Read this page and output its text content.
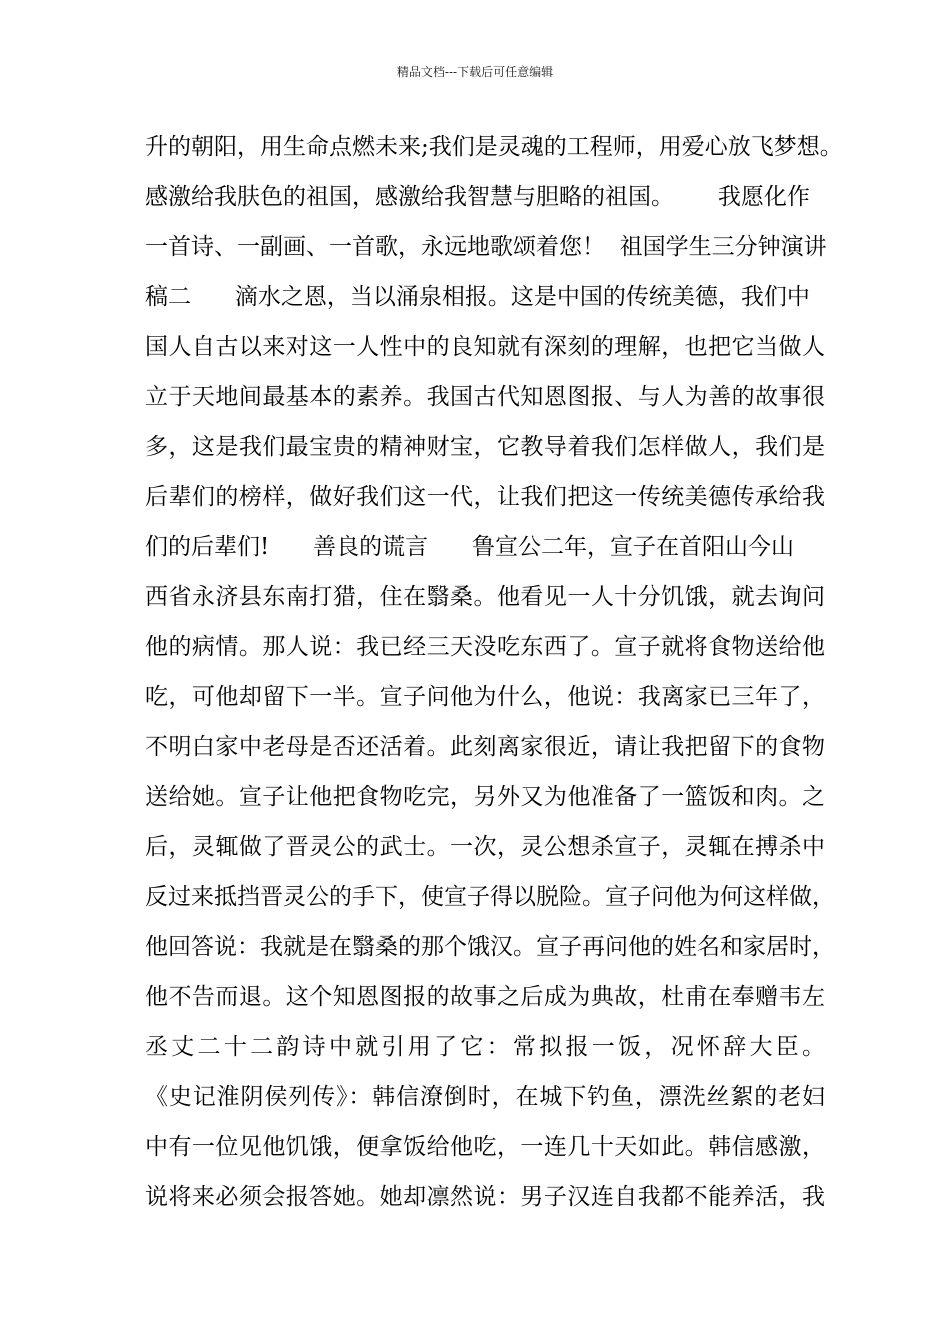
精品文档---下载后可任意编辑
升的朝阳，用生命点燃未来;我们是灵魂的工程师，用爱心放飞梦想。
感激给我肤色的祖国，感激给我智慧与胆略的祖国。      我愿化作
一首诗、一副画、一首歌，永远地歌颂着您！  祖国学生三分钟演讲
稿二      滴水之恩，当以涌泉相报。这是中国的传统美德，我们中
国人自古以来对这一人性中的良知就有深刻的理解，也把它当做人
立于天地间最基本的素养。我国古代知恩图报、与人为善的故事很
多，这是我们最宝贵的精神财宝，它教导着我们怎样做人，我们是
后辈们的榜样，做好我们这一代，让我们把这一传统美德传承给我
们的后辈们!      善良的谎言      鲁宣公二年，宣子在首阳山今山
西省永济县东南打猎，住在翳桑。他看见一人十分饥饿，就去询问
他的病情。那人说：我已经三天没吃东西了。宣子就将食物送给他
吃，可他却留下一半。宣子问他为什么，他说：我离家已三年了，
不明白家中老母是否还活着。此刻离家很近，请让我把留下的食物
送给她。宣子让他把食物吃完，另外又为他准备了一篮饭和肉。之
后，灵辄做了晋灵公的武士。一次，灵公想杀宣子，灵辄在搏杀中
反过来抵挡晋灵公的手下，使宣子得以脱险。宣子问他为何这样做，
他回答说：我就是在翳桑的那个饿汉。宣子再问他的姓名和家居时，
他不告而退。这个知恩图报的故事之后成为典故，杜甫在奉赠韦左
丞丈二十二韵诗中就引用了它：常拟报一饭，况怀辞大臣。
《史记淮阴侯列传》：韩信潦倒时，在城下钓鱼，漂洗丝絮的老妇
中有一位见他饥饿，便拿饭给他吃，一连几十天如此。韩信感激，
说将来必须会报答她。她却凛然说：男子汉连自我都不能养活，我
